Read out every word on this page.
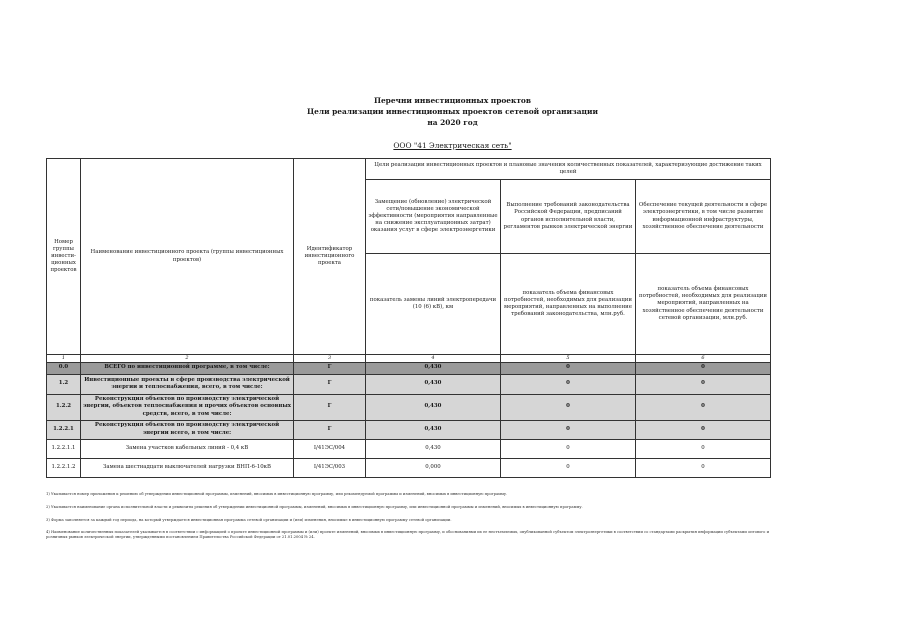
Перечни инвестиционных проектов
Цели реализации инвестиционных проектов сетевой организации
на 2020 год
ООО "41 Электрическая сеть"
Номер группы инвести-ционных проектов	Наименование инвестиционного проекта (группы инвестиционных проектов)	Идентификатор инвестиционного проекта	Цели реализации инвестиционных проектов и плановые значения количественных показателей, характеризующие достижение таких целей		
			Замещение (обновление) электрической сети/повышение экономической эффективности (мероприятия направленные на снижение эксплуатационных затрат) оказания услуг в сфере электроэнергетики	Выполнение требований законодательства Российской Федерации, предписаний органов исполнительной власти, регламентов рынков электрической энергии	Обеспечение текущей деятельности в сфере электроэнергетики, в том числе развитие информационной инфраструктуры, хозяйственное обеспечение деятельности
			показатель замены линий электропередачи (10 (6) кВ), км	показатель объема финансовых потребностей, необходимых для реализации мероприятий, направленных на выполнение требований законодательства, млн.руб.	показатель объема финансовых потребностей, необходимых для реализации мероприятий, направленных на хозяйственное обеспечение деятельности сетевой организации, млн.руб.
1	2	3	4	5	6
0.0	ВСЕГО по инвестиционной программе, в том числе:	Г	0,430	0	0
1.2	Инвестиционные проекты в сфере производства электрической энергии и теплоснабжения, всего, в том числе:	Г	0,430	0	0
1.2.2	Реконструкция объектов по производству электрической энергии, объектов теплоснабжения и прочих объектов основных средств, всего, в том числе:	Г	0,430	0	0
1.2.2.1	Реконструкция объектов по производству электрической энергии всего, в том числе:	Г	0,430	0	0
1.2.2.1.1	Замена участков кабельных линий - 0,4 кВ	I/41ЭС/004	0,430	0	0
1.2.2.1.2	Замена шестнадцати выключателей нагрузки ВНП-6-10кВ	I/41ЭС/003	0,000	0	0
1) Указывается номер приложения к решению об утверждении инвестиционной программы, изменений, вносимых в инвестиционную программу, или рекомендуемой программы и изменений, вносимых в инвестиционную программу.
2) Указывается наименование органа исполнительной власти и реквизиты решения об утверждении инвестиционной программы, изменений, вносимых в инвестиционную программу, или инвестиционной программы и изменений, вносимых в инвестиционную программу.
3) Форма заполняется за каждый год периода, на который утверждается инвестиционная программа сетевой организации и (или) изменения, вносимые в инвестиционную программу сетевой организации.
4) Наименование количественных показателей указывается в соответствии с информацией о проекте инвестиционной программы и (или) проекте изменений, вносимых в инвестиционную программу, и обоснованиями их ее неотъемлемых, опубликованной субъектом электроэнергетики в соответствии со стандартами раскрытия информации субъектами оптового и розничных рынков электрической энергии, утвержденными постановлением Правительства Российской Федерации от 21.01.2004 № 24.
